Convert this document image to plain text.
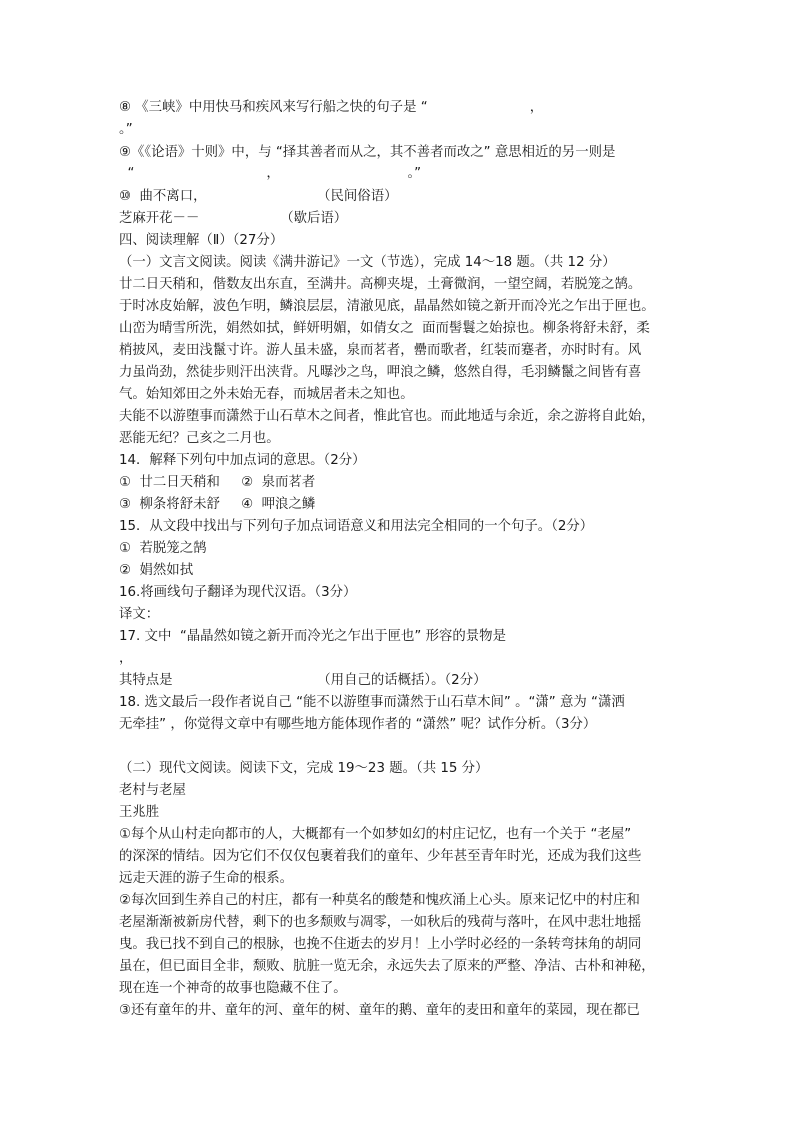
⑧ 《三峡》中用快马和疾风来写行船之快的句子是 “                        ，
。”
⑨《《论语》十则》中，与 “择其善者而从之，其不善者而改之” 意思相近的另一则是
“                               ，                              。”
⑩  曲不离口，                          （民间俗语）
芝麻开花－－                   （歇后语）
四、阅读理解（Ⅱ）（27分）
（一）文言文阅读。阅读《满井游记》一文（节选），完成 14～18 题。（共 12 分）
廿二日天稍和，偕数友出东直，至满井。高柳夹堤，土膏微润，一望空阔，若脱笼之鹄。
于时冰皮始解，波色乍明，鳞浪层层，清澈见底，晶晶然如镜之新开而冷光之乍出于匣也。
山峦为晴雪所洗，娟然如拭，鲜妍明媚，如倩女之  面而髻鬟之始掠也。柳条将舒未舒，柔
梢披风，麦田浅鬣寸许。游人虽未盛，泉而茗者，罍而歌者，红装而蹇者，亦时时有。风
力虽尚劲，然徒步则汗出浃背。凡曝沙之鸟，呷浪之鳞，悠然自得，毛羽鳞鬣之间皆有喜
气。始知郊田之外未始无春，而城居者未之知也。
夫能不以游堕事而潇然于山石草木之间者，惟此官也。而此地适与余近，余之游将自此始，
恶能无纪？己亥之二月也。
14．解释下列句中加点词的意思。（2分）
①  廿二日天稍和     ②  泉而茗者
③  柳条将舒未舒     ④  呷浪之鳞
15．从文段中找出与下列句子加点词语意义和用法完全相同的一个句子。（2分）
①  若脱笼之鹄
②  娟然如拭
16.将画线句子翻译为现代汉语。（3分）
译文：
17. 文中  “晶晶然如镜之新开而冷光之乍出于匣也” 形容的景物是
，
其特点是                                  （用自己的话概括）。（2分）
18. 选文最后一段作者说自己 “能不以游堕事而潇然于山石草木间” 。“潇” 意为 “潇洒
无牵挂” ，你觉得文章中有哪些地方能体现作者的 “潇然” 呢？试作分析。（3分）
（二）现代文阅读。阅读下文，完成 19～23 题。（共 15 分）
老村与老屋
王兆胜
①每个从山村走向都市的人，大概都有一个如梦如幻的村庄记忆，也有一个关于 “老屋”
的深深的情结。因为它们不仅仅包裹着我们的童年、少年甚至青年时光，还成为我们这些
远走天涯的游子生命的根系。
②每次回到生养自己的村庄，都有一种莫名的酸楚和愧疚涌上心头。原来记忆中的村庄和
老屋渐渐被新房代替，剩下的也多颓败与凋零，一如秋后的残荷与落叶，在风中悲壮地摇
曳。我已找不到自己的根脉，也挽不住逝去的岁月！上小学时必经的一条转弯抹角的胡同
虽在，但已面目全非，颓败、肮脏一览无余，永远失去了原来的严整、净洁、古朴和神秘，
现在连一个神奇的故事也隐藏不住了。
③还有童年的井、童年的河、童年的树、童年的鹅、童年的麦田和童年的菜园，现在都已
